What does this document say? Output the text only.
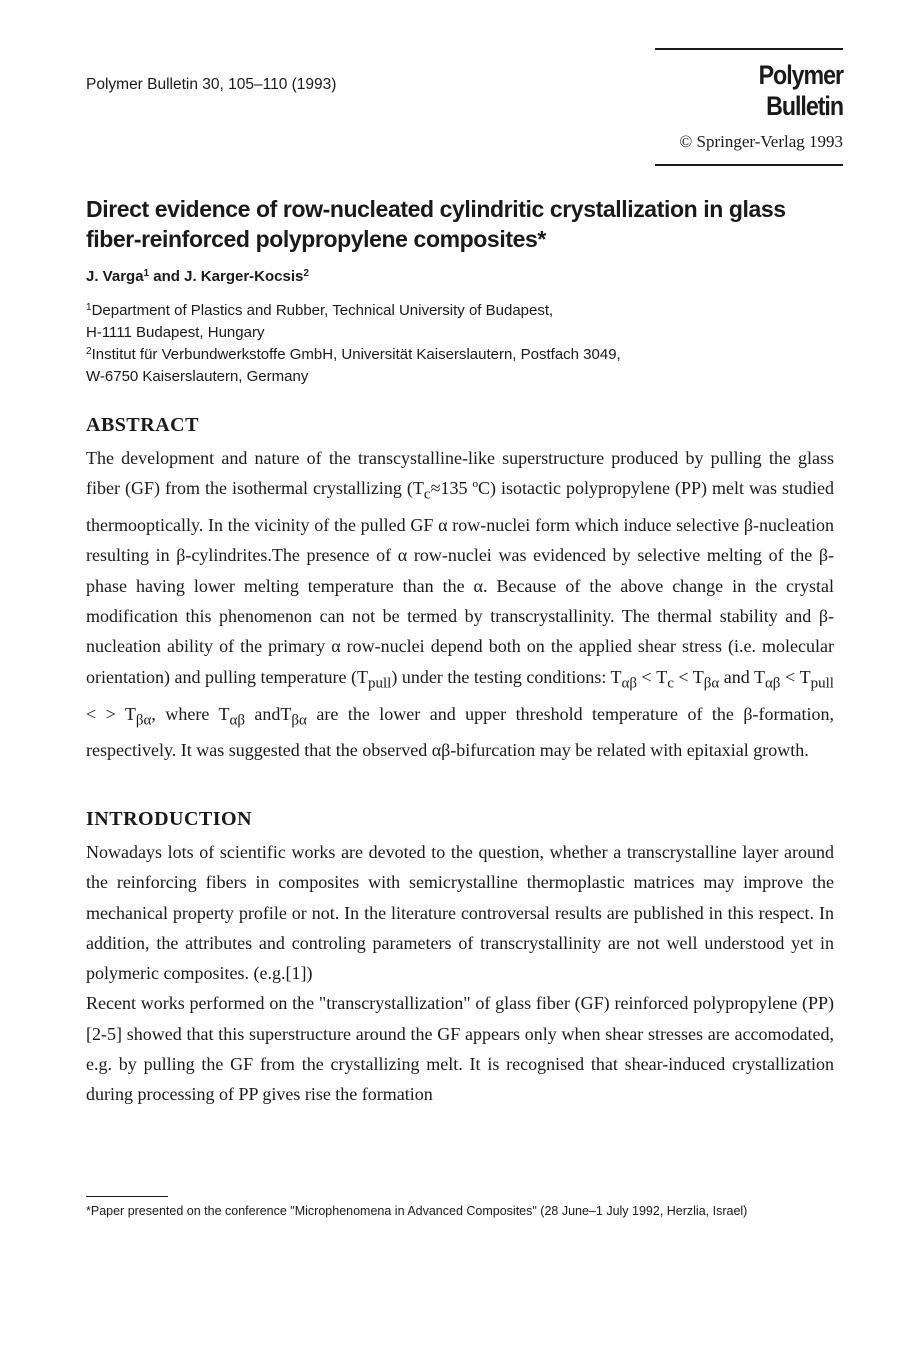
Polymer Bulletin 30, 105–110 (1993)	Polymer Bulletin
© Springer-Verlag 1993
Direct evidence of row-nucleated cylindritic crystallization in glass fiber-reinforced polypropylene composites*
J. Varga$^1$ and J. Karger-Kocsis$^2$
$^1$Department of Plastics and Rubber, Technical University of Budapest,
H-1111 Budapest, Hungary
$^2$Institut für Verbundwerkstoffe GmbH, Universität Kaiserslautern, Postfach 3049,
W-6750 Kaiserslautern, Germany
ABSTRACT

The development and nature of the transcystalline-like superstructure produced by pulling the glass fiber (GF) from the isothermal crystallizing ($T_c\approx 135$ ºC) isotactic polypropylene (PP) melt was studied thermooptically. In the vicinity of the pulled GF α row-nuclei form which induce selective β-nucleation resulting in β-cylindrites.The presence of α row-nuclei was evidenced by selective melting of the β-phase having lower melting temperature than the α. Because of the above change in the crystal modification this phenomenon can not be termed by transcrystallinity. The thermal stability and β-nucleation ability of the primary α row-nuclei depend both on the applied shear stress (i.e. molecular orientation) and pulling temperature $(T_{pull})$ under the testing conditions: $T_{\alpha\beta} < T_c < T_{\beta\alpha}$ and $T_{\alpha\beta} < T_{pull}$ < > $T_{\beta\alpha}$, where $T_{\alpha\beta}$ andT$_{\beta\alpha}$ are the lower and upper threshold temperature of the β-formation, respectively. It was suggested that the observed αβ-bifurcation may be related with epitaxial growth.

INTRODUCTION

Nowadays lots of scientific works are devoted to the question, whether a transcrystalline layer around the reinforcing fibers in composites with semicrystalline thermoplastic matrices may improve the mechanical property profile or not. In the literature controversal results are published in this respect. In addition, the attributes and controling parameters of transcrystallinity are not well understood yet in polymeric composites. (e.g.[1])

Recent works performed on the "transcrystallization" of glass fiber (GF) reinforced polypropylene (PP) [2-5] showed that this superstructure around the GF appears only when shear stresses are accomodated, e.g. by pulling the GF from the crystallizing melt. It is recognised that shear-induced crystallization during processing of PP gives rise the formation

*Paper presented on the conference "Microphenomena in Advanced Composites" (28 June–1 July 1992, Herzlia, Israel)
